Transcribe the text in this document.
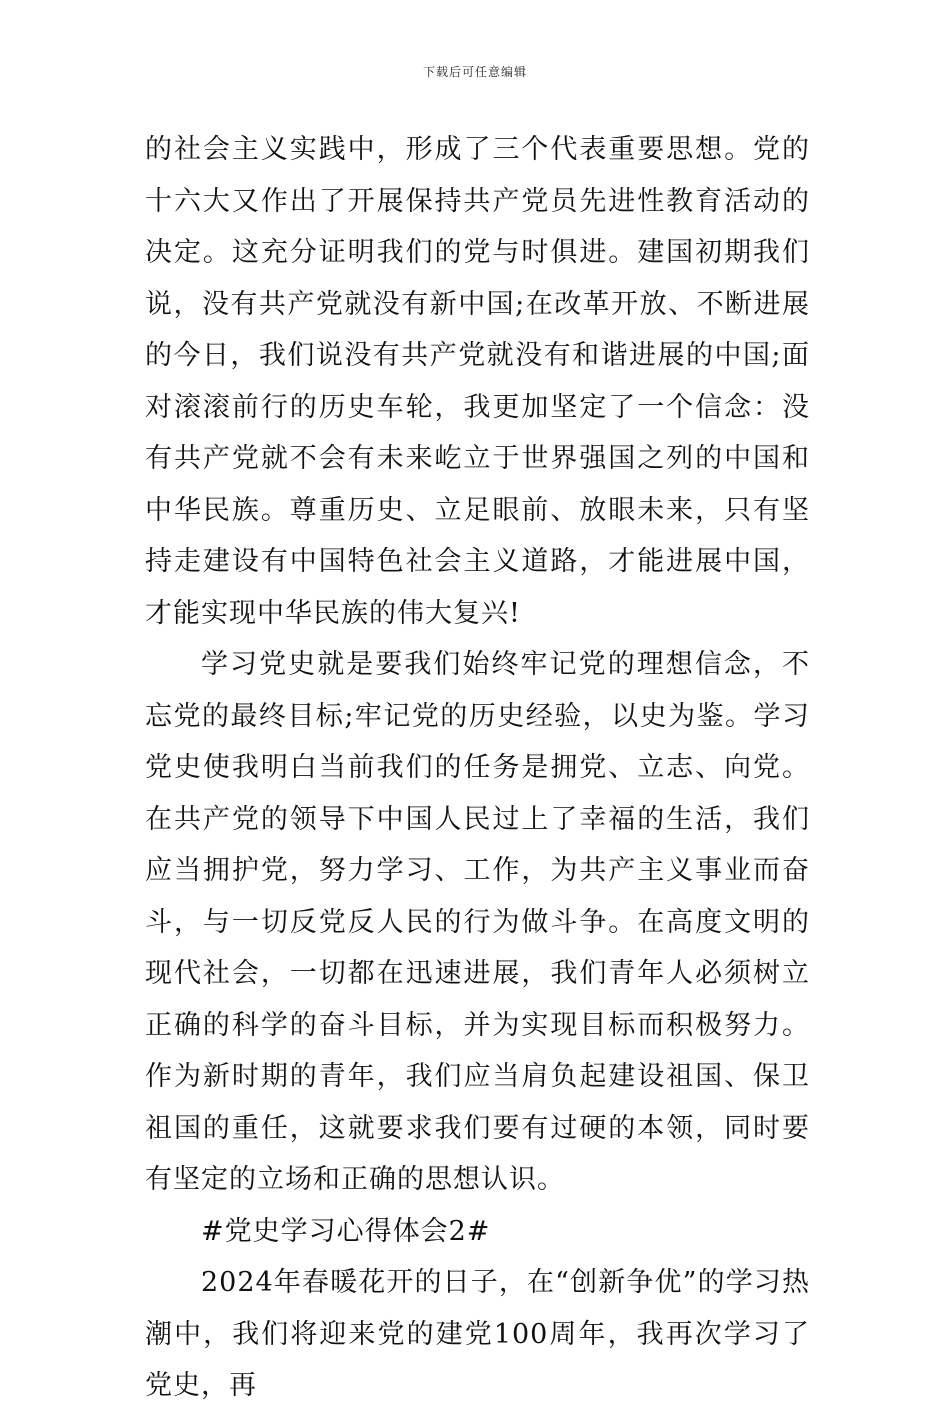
下载后可任意编辑

的社会主义实践中，形成了三个代表重要思想。党的十六大又作出了开展保持共产党员先进性教育活动的决定。这充分证明我们的党与时俱进。建国初期我们说，没有共产党就没有新中国;在改革开放、不断进展的今日，我们说没有共产党就没有和谐进展的中国;面对滚滚前行的历史车轮，我更加坚定了一个信念：没有共产党就不会有未来屹立于世界强国之列的中国和中华民族。尊重历史、立足眼前、放眼未来，只有坚持走建设有中国特色社会主义道路，才能进展中国，才能实现中华民族的伟大复兴!

学习党史就是要我们始终牢记党的理想信念，不忘党的最终目标;牢记党的历史经验，以史为鉴。学习党史使我明白当前我们的任务是拥党、立志、向党。在共产党的领导下中国人民过上了幸福的生活，我们应当拥护党，努力学习、工作，为共产主义事业而奋斗，与一切反党反人民的行为做斗争。在高度文明的现代社会，一切都在迅速进展，我们青年人必须树立正确的科学的奋斗目标，并为实现目标而积极努力。作为新时期的青年，我们应当肩负起建设祖国、保卫祖国的重任，这就要求我们要有过硬的本领，同时要有坚定的立场和正确的思想认识。

#党史学习心得体会2#

2024年春暖花开的日子，在“创新争优”的学习热潮中，我们将迎来党的建党100周年，我再次学习了党史，再
